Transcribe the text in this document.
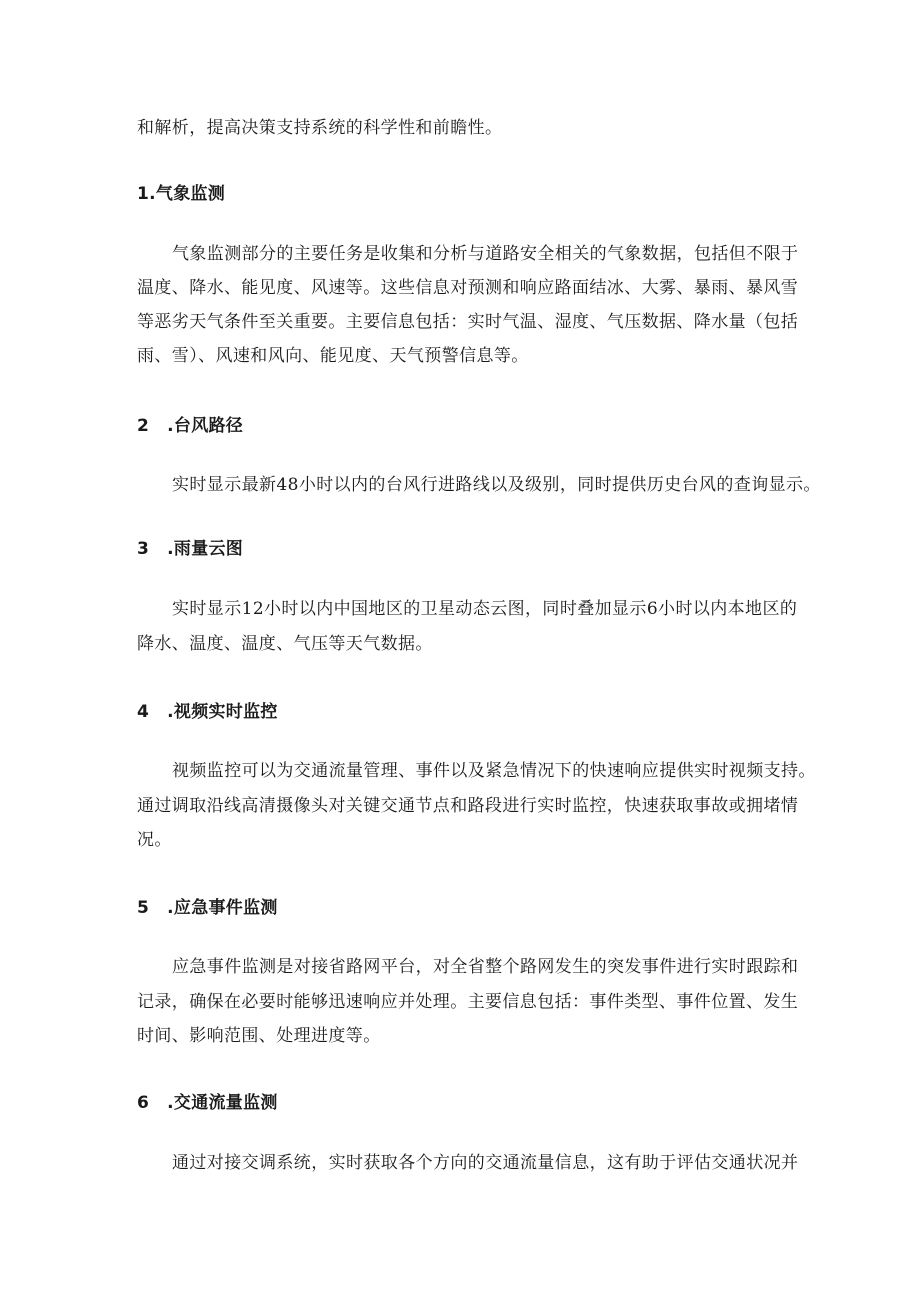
和解析，提高决策支持系统的科学性和前瞻性。
1.气象监测
气象监测部分的主要任务是收集和分析与道路安全相关的气象数据，包括但不限于
温度、降水、能见度、风速等。这些信息对预测和响应路面结冰、大雾、暴雨、暴风雪
等恶劣天气条件至关重要。主要信息包括：实时气温、湿度、气压数据、降水量（包括
雨、雪）、风速和风向、能见度、天气预警信息等。
2 .台风路径
实时显示最新48小时以内的台风行进路线以及级别，同时提供历史台风的查询显示。
3 .雨量云图
实时显示12小时以内中国地区的卫星动态云图，同时叠加显示6小时以内本地区的
降水、温度、温度、气压等天气数据。
4 .视频实时监控
视频监控可以为交通流量管理、事件以及紧急情况下的快速响应提供实时视频支持。
通过调取沿线高清摄像头对关键交通节点和路段进行实时监控，快速获取事故或拥堵情
况。
5 .应急事件监测
应急事件监测是对接省路网平台，对全省整个路网发生的突发事件进行实时跟踪和
记录，确保在必要时能够迅速响应并处理。主要信息包括：事件类型、事件位置、发生
时间、影响范围、处理进度等。
6 .交通流量监测
通过对接交调系统，实时获取各个方向的交通流量信息，这有助于评估交通状况并
